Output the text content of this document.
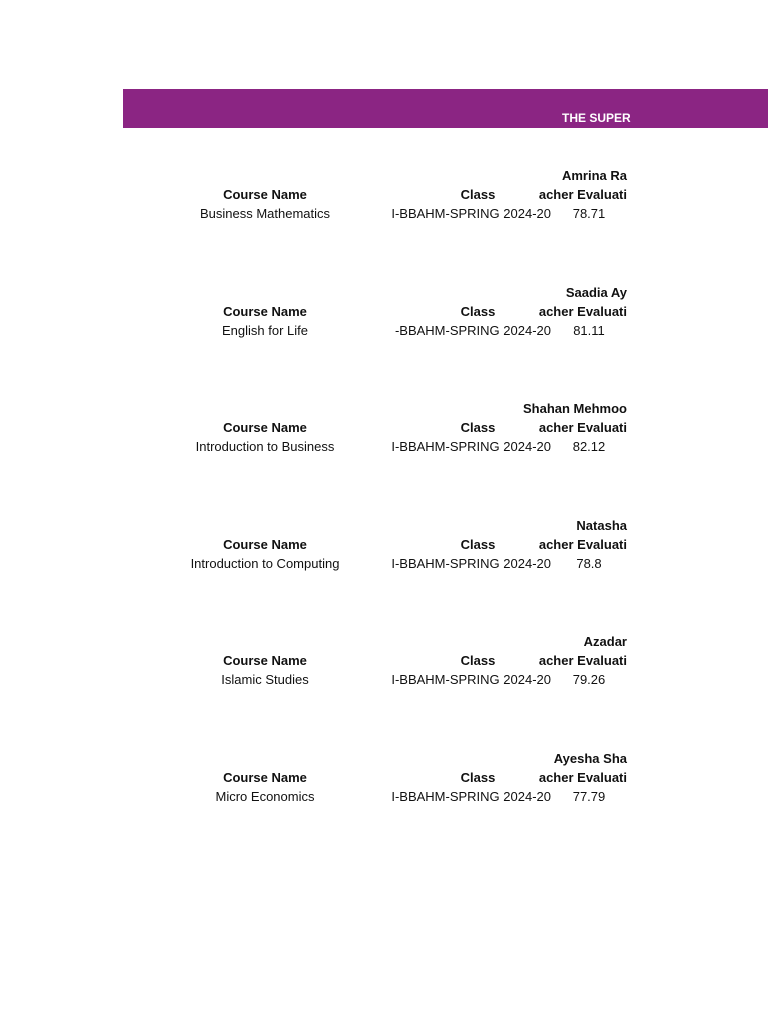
THE SUPER
Amrina Ra
Course Name	Class	acher Evaluati
Business Mathematics	I-BBAHM-SPRING 2024-20	78.71
Saadia Ay
Course Name	Class	acher Evaluati
English for Life	-BBAHM-SPRING 2024-20	81.11
Shahan Mehmoo
Course Name	Class	acher Evaluati
Introduction to Business	I-BBAHM-SPRING 2024-20	82.12
Natasha
Course Name	Class	acher Evaluati
Introduction to Computing	I-BBAHM-SPRING 2024-20	78.8
Azadar
Course Name	Class	acher Evaluati
Islamic Studies	I-BBAHM-SPRING 2024-20	79.26
Ayesha Sha
Course Name	Class	acher Evaluati
Micro Economics	I-BBAHM-SPRING 2024-20	77.79
